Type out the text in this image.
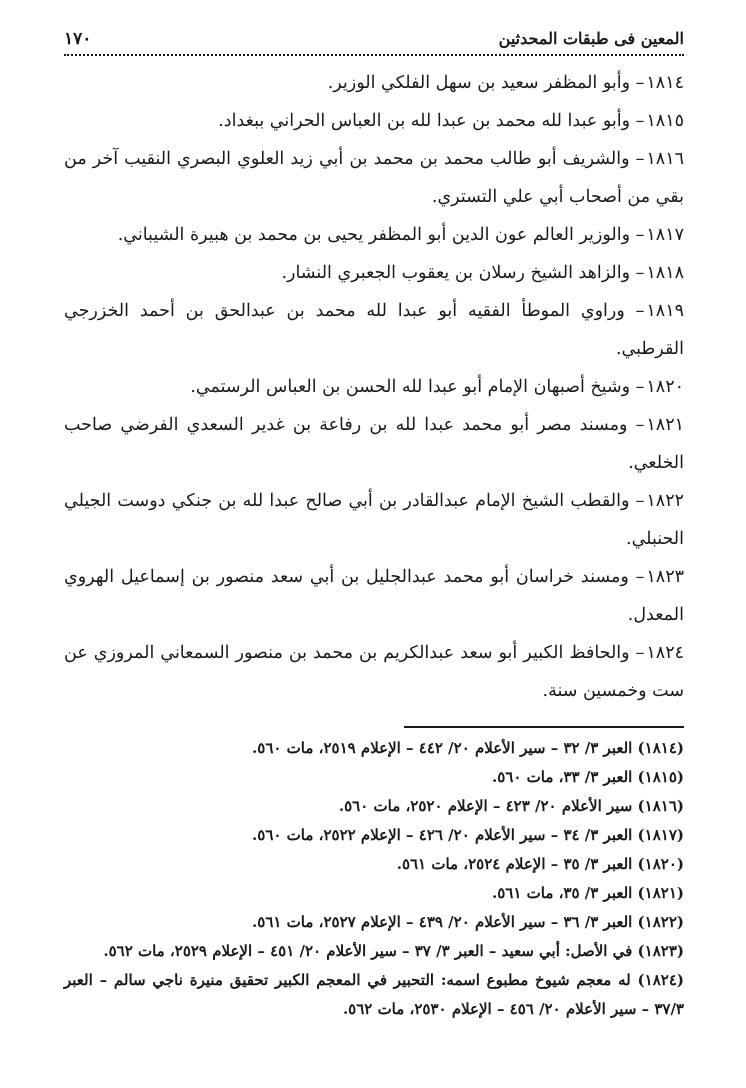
المعين فى طبقات المحدثين
١٧٠
١٨١٤– وأبو المظفر سعيد بن سهل الفلكي الوزير.
١٨١٥– وأبو عبدا لله محمد بن عبدا لله بن العباس الحراني ببغداد.
١٨١٦– والشريف أبو طالب محمد بن محمد بن أبي زيد العلوي البصري النقيب آخر من بقي من أصحاب أبي علي التستري.
١٨١٧– والوزير العالم عون الدين أبو المظفر يحيى بن محمد بن هبيرة الشيباني.
١٨١٨– والزاهد الشيخ رسلان بن يعقوب الجعبري النشار.
١٨١٩– وراوي الموطأ الفقيه أبو عبدا لله محمد بن عبدالحق بن أحمد الخزرجي القرطبي.
١٨٢٠– وشيخ أصبهان الإمام أبو عبدا لله الحسن بن العباس الرستمي.
١٨٢١– ومسند مصر أبو محمد عبدا لله بن رفاعة بن غدير السعدي الفرضي صاحب الخلعي.
١٨٢٢– والقطب الشيخ الإمام عبدالقادر بن أبي صالح عبدا لله بن جنكي دوست الجيلي الحنبلي.
١٨٢٣– ومسند خراسان أبو محمد عبدالجليل بن أبي سعد منصور بن إسماعيل الهروي المعدل.
١٨٢٤– والحافظ الكبير أبو سعد عبدالكريم بن محمد بن منصور السمعاني المروزي عن ست وخمسين سنة.
(١٨١٤) العبر ٣/ ٣٢ – سير الأعلام ٢٠/ ٤٤٢ – الإعلام ٢٥١٩، مات ٥٦٠.
(١٨١٥) العبر ٣/ ٣٣، مات ٥٦٠.
(١٨١٦) سير الأعلام ٢٠/ ٤٢٣ – الإعلام ٢٥٢٠، مات ٥٦٠.
(١٨١٧) العبر ٣/ ٣٤ – سير الأعلام ٢٠/ ٤٢٦ – الإعلام ٢٥٢٢، مات ٥٦٠.
(١٨٢٠) العبر ٣/ ٣٥ – الإعلام ٢٥٢٤، مات ٥٦١.
(١٨٢١) العبر ٣/ ٣٥، مات ٥٦١.
(١٨٢٢) العبر ٣/ ٣٦ – سير الأعلام ٢٠/ ٤٣٩ – الإعلام ٢٥٢٧، مات ٥٦١.
(١٨٢٣) في الأصل: أبي سعيد – العبر ٣/ ٣٧ – سير الأعلام ٢٠/ ٤٥١ – الإعلام ٢٥٢٩، مات ٥٦٢.
(١٨٢٤) له معجم شيوخ مطبوع اسمه: التحبير في المعجم الكبير تحقيق منيرة ناجي سالم – العبر ٣٧/٣ – سير الأعلام ٢٠/ ٤٥٦ – الإعلام ٢٥٣٠، مات ٥٦٢.
